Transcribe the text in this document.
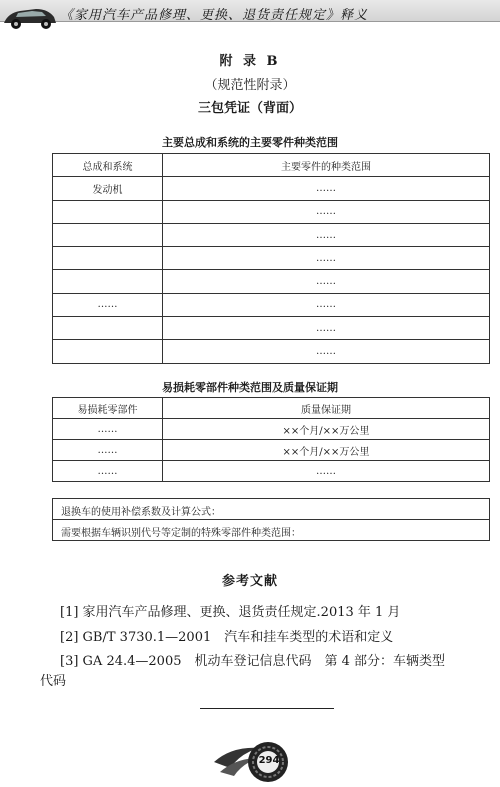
《家用汽车产品修理、更换、退货责任规定》释义
附 录 B
（规范性附录）
三包凭证（背面）
主要总成和系统的主要零件种类范围
总成和系统	主要零件的种类范围
发动机	……
	……
	……
	……
	……
……	……
	……
	……
易损耗零部件种类范围及质量保证期
易损耗零部件	质量保证期
……	××个月/××万公里
……	××个月/××万公里
……	……
退换车的使用补偿系数及计算公式：
需要根据车辆识别代号等定制的特殊零部件种类范围：
参考文献
[1] 家用汽车产品修理、更换、退货责任规定.2013 年 1 月
[2] GB/T 3730.1—2001　汽车和挂车类型的术语和定义
[3] GA 24.4—2005　机动车登记信息代码　第 4 部分：车辆类型
代码
294
